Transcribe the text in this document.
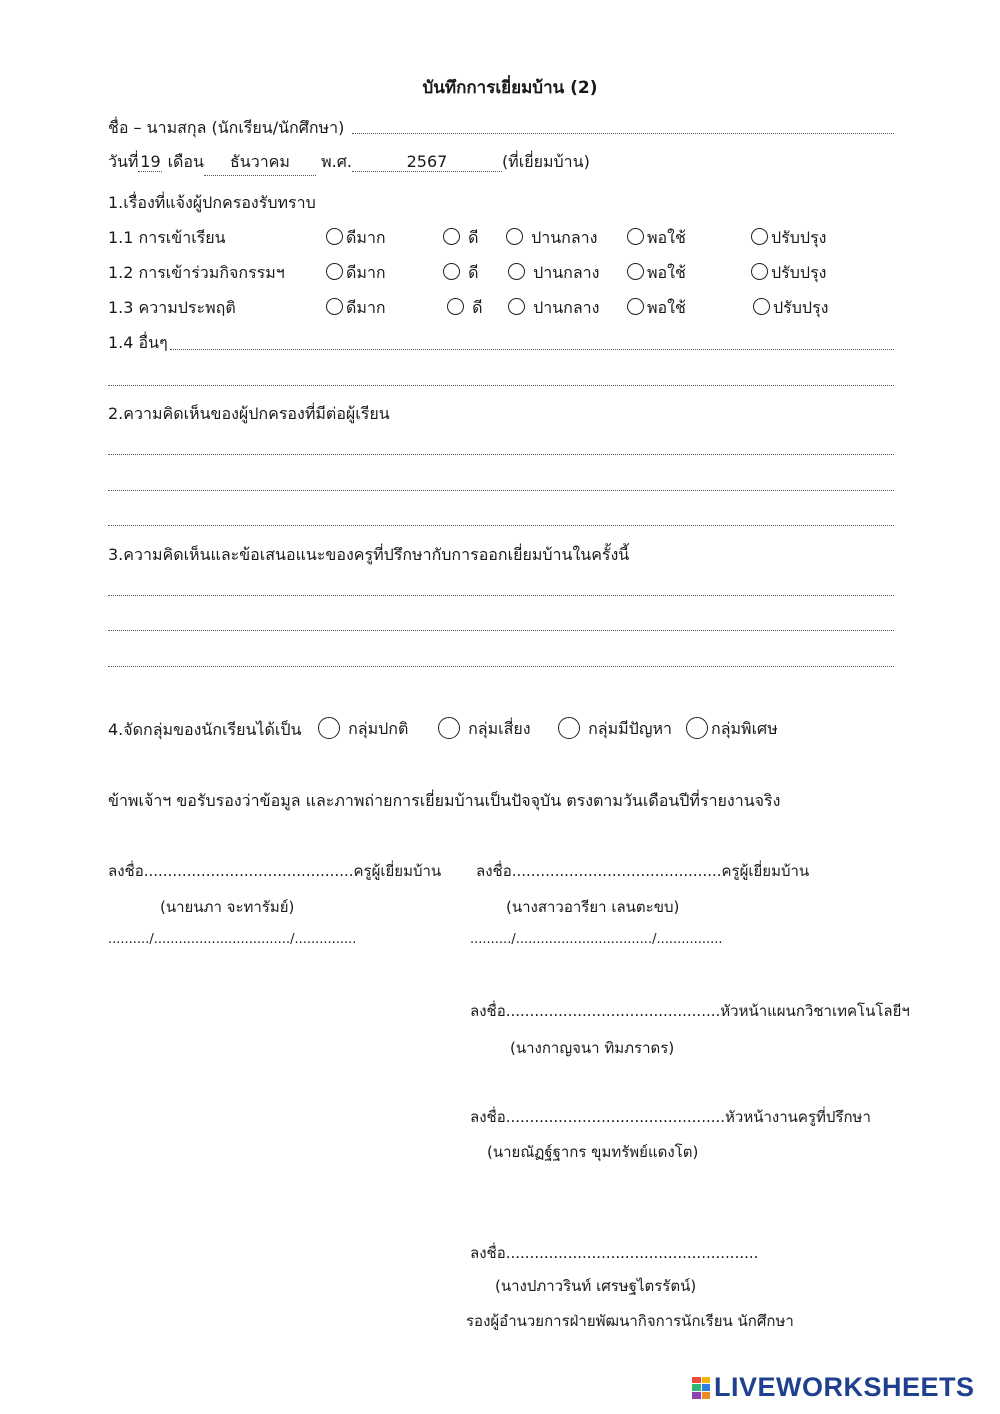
บันทึกการเยี่ยมบ้าน (2)
ชื่อ – นามสกุล (นักเรียน/นักศึกษา)
วันที่ 19 เดือน ธันวาคม พ.ศ.	2567	(ที่เยี่ยมบ้าน)
1.เรื่องที่แจ้งผู้ปกครองรับทราบ
1.1 การเข้าเรียน	ดีมาก	ดี	ปานกลาง	พอใช้	ปรับปรุง
1.2 การเข้าร่วมกิจกรรมฯ	ดีมาก	ดี	ปานกลาง	พอใช้	ปรับปรุง
1.3 ความประพฤติ	ดีมาก	ดี	ปานกลาง	พอใช้	ปรับปรุง
1.4 อื่นๆ
2.ความคิดเห็นของผู้ปกครองที่มีต่อผู้เรียน
3.ความคิดเห็นและข้อเสนอแนะของครูที่ปรึกษากับการออกเยี่ยมบ้านในครั้งนี้
4.จัดกลุ่มของนักเรียนได้เป็น	กลุ่มปกติ	กลุ่มเสี่ยง	กลุ่มมีปัญหา	กลุ่มพิเศษ
ข้าพเจ้าฯ ขอรับรองว่าข้อมูล และภาพถ่ายการเยี่ยมบ้านเป็นปัจจุบัน ตรงตามวันเดือนปีที่รายงานจริง
ลงชื่อ............................................ครูผู้เยี่ยมบ้าน
(นายนภา จะทารัมย์)
........../................................./...............
ลงชื่อ............................................ครูผู้เยี่ยมบ้าน
(นางสาวอารียา เลนตะขบ)
........../................................./................
ลงชื่อ.............................................หัวหน้าแผนกวิชาเทคโนโลยีฯ
(นางกาญจนา ทิมภราดร)
ลงชื่อ..............................................หัวหน้างานครูที่ปรึกษา
(นายณัฏฐ์ฐากร ขุมทรัพย์แดงโต)
ลงชื่อ.....................................................
(นางปภาวรินท์ เศรษฐไตรรัตน์)
รองผู้อำนวยการฝ่ายพัฒนากิจการนักเรียน นักศึกษา
LIVEWORKSHEETS
